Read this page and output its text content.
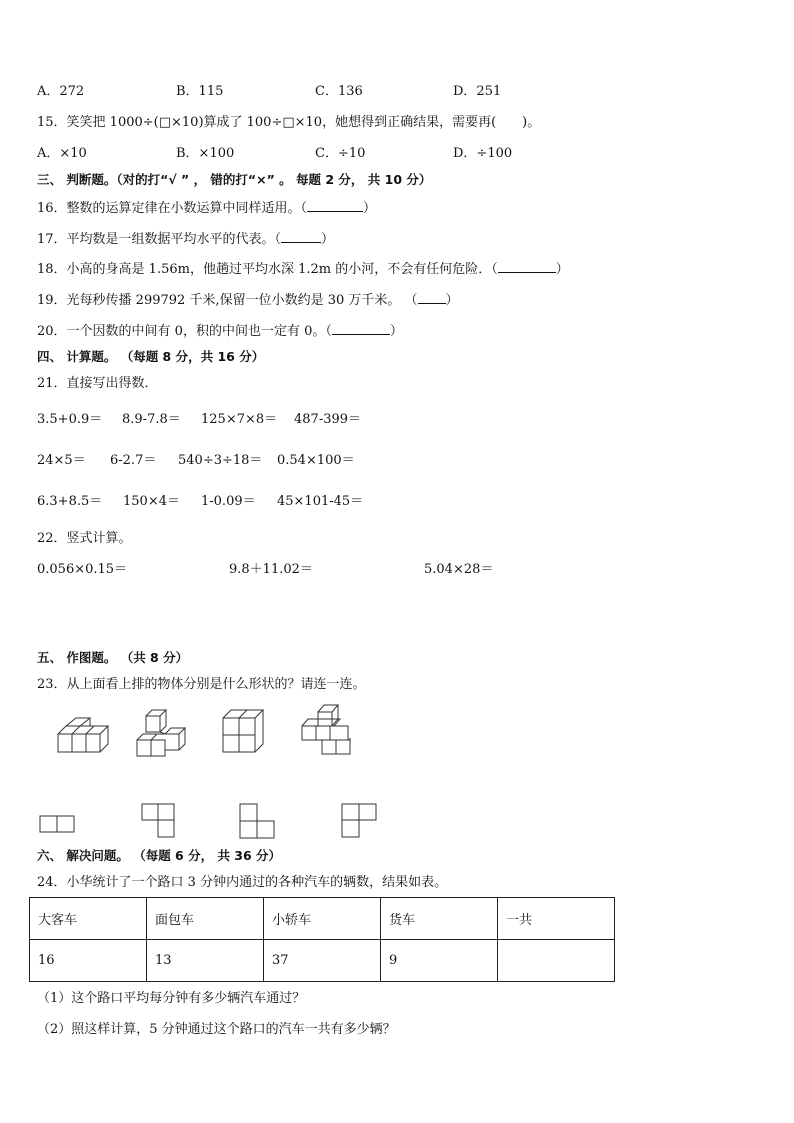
A．272	B．115	C．136	D．251
15．笑笑把 1000÷(□×10)算成了 100÷□×10，她想得到正确结果，需要再(　　)。
A．×10	B．×100	C．÷10	D．÷100
三、 判断题。（对的打“√ ” ， 错的打“×” 。 每题 2 分， 共 10 分）
16．整数的运算定律在小数运算中同样适用。（	）
17．平均数是一组数据平均水平的代表。（	）
18．小高的身高是 1.56m，他趟过平均水深 1.2m 的小河，不会有任何危险．（	）
19．光每秒传播 299792 千米,保留一位小数约是 30 万千米。 （ ）
20．一个因数的中间有 0，积的中间也一定有 0。（	）
四、 计算题。 （每题 8 分，共 16 分）
21．直接写出得数．
3.5+0.9＝ 8.9-7.8＝ 125×7×8＝ 487-399＝
24×5＝ 6-2.7＝ 540÷3÷18＝ 0.54×100＝
6.3+8.5＝ 150×4＝ 1-0.09＝ 45×101-45＝
22．竖式计算。
0.056×0.15＝	9.8＋11.02＝	5.04×28＝
五、 作图题。 （共 8 分）
23．从上面看上排的物体分别是什么形状的？请连一连。
六、 解决问题。 （每题 6 分， 共 36 分）
24．小华统计了一个路口 3 分钟内通过的各种汽车的辆数，结果如表。
大客车	面包车	小轿车	货车	一共
16	13	37	9	
（1）这个路口平均每分钟有多少辆汽车通过？
（2）照这样计算，5 分钟通过这个路口的汽车一共有多少辆？
